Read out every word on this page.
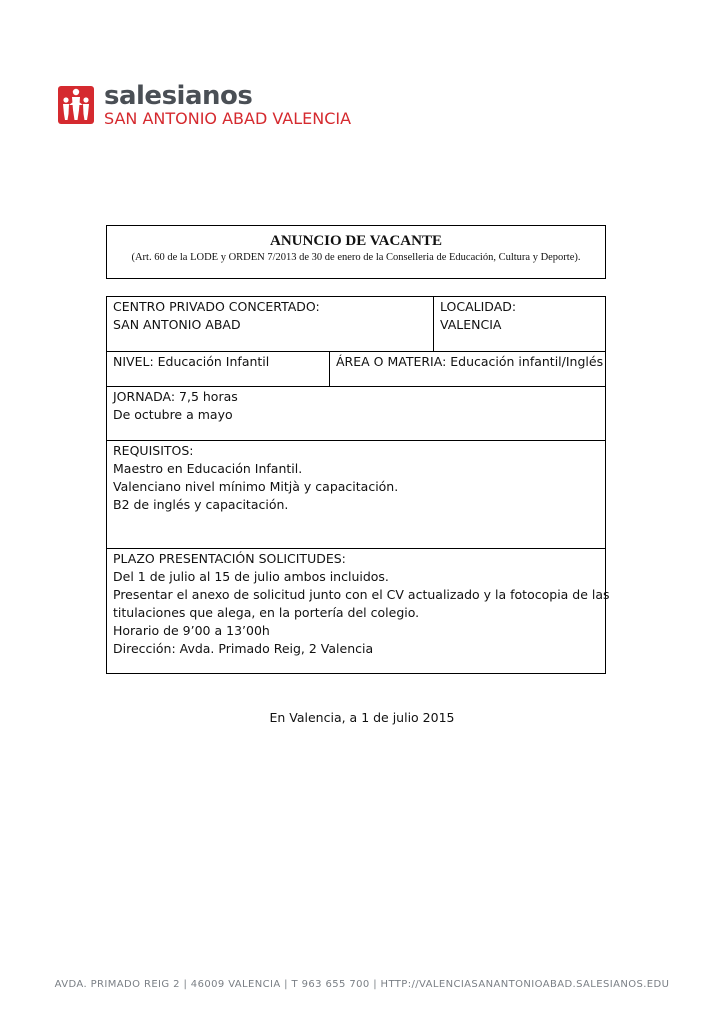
salesianos
SAN ANTONIO ABAD VALENCIA
ANUNCIO DE VACANTE
(Art. 60 de la LODE y ORDEN 7/2013 de 30 de enero de la Conselleria de Educación, Cultura y Deporte).
CENTRO PRIVADO CONCERTADO:
SAN ANTONIO ABAD
LOCALIDAD:
VALENCIA
NIVEL: Educación Infantil	ÁREA O MATERIA: Educación infantil/Inglés
JORNADA: 7,5 horas
De octubre a mayo
REQUISITOS:
Maestro en Educación Infantil.
Valenciano nivel mínimo Mitjà y capacitación.
B2 de inglés y capacitación.
PLAZO PRESENTACIÓN SOLICITUDES:
Del 1 de julio al 15 de julio ambos incluidos.
Presentar el anexo de solicitud junto con el CV actualizado y la fotocopia de las
titulaciones que alega, en la portería del colegio.
Horario de 9’00 a 13’00h
Dirección: Avda. Primado Reig, 2 Valencia
En Valencia, a 1 de julio 2015
AVDA. PRIMADO REIG 2 | 46009 VALENCIA | T 963 655 700 | HTTP://VALENCIASANANTONIOABAD.SALESIANOS.EDU
